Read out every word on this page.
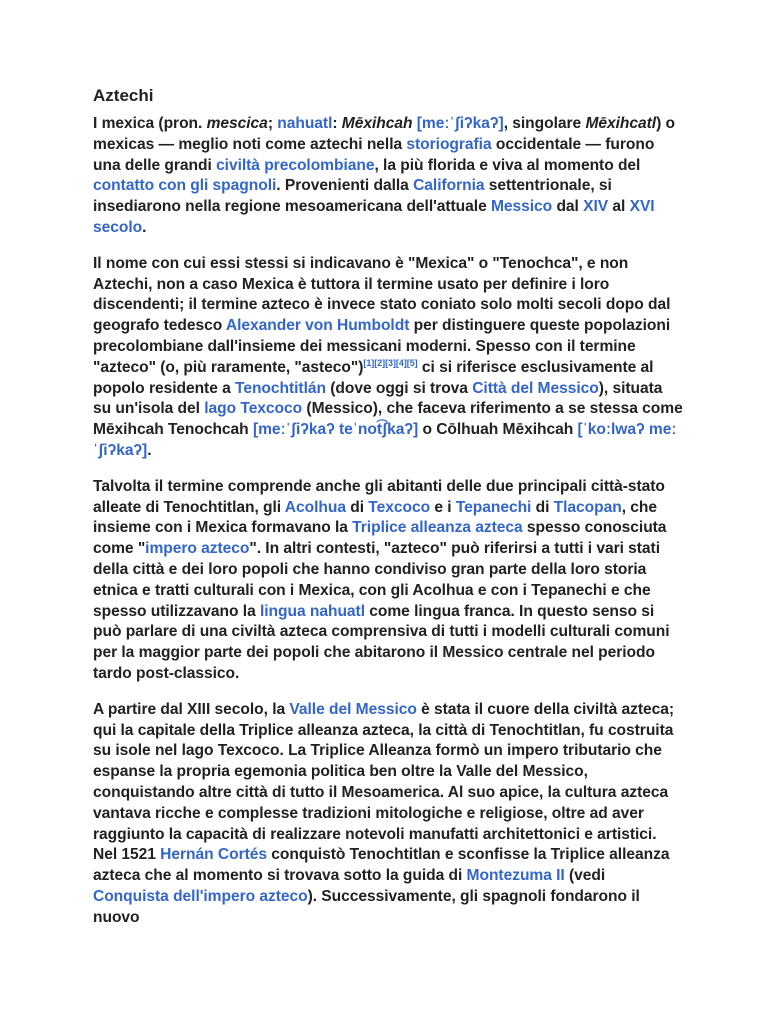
Aztechi

I mexica (pron. mescica; nahuatl: Mēxihcah [meːˈʃiʔkaʔ], singolare Mēxihcatl) o mexicas — meglio noti come aztechi nella storiografia occidentale — furono una delle grandi civiltà precolombiane, la più florida e viva al momento del contatto con gli spagnoli. Provenienti dalla California settentrionale, si insediarono nella regione mesoamericana dell'attuale Messico dal XIV al XVI secolo.

Il nome con cui essi stessi si indicavano è "Mexica" o "Tenochca", e non Aztechi, non a caso Mexica è tuttora il termine usato per definire i loro discendenti; il termine azteco è invece stato coniato solo molti secoli dopo dal geografo tedesco Alexander von Humboldt per distinguere queste popolazioni precolombiane dall'insieme dei messicani moderni. Spesso con il termine "azteco" (o, più raramente, "asteco")[1][2][3][4][5] ci si riferisce esclusivamente al popolo residente a Tenochtitlán (dove oggi si trova Città del Messico), situata su un'isola del lago Texcoco (Messico), che faceva riferimento a se stessa come Mēxihcah Tenochcah [meːˈʃiʔkaʔ teˈnot͡ʃkaʔ] o Cōlhuah Mēxihcah [ˈkoːlwaʔ meːˈʃiʔkaʔ].

Talvolta il termine comprende anche gli abitanti delle due principali città-stato alleate di Tenochtitlan, gli Acolhua di Texcoco e i Tepanechi di Tlacopan, che insieme con i Mexica formavano la Triplice alleanza azteca spesso conosciuta come "impero azteco". In altri contesti, "azteco" può riferirsi a tutti i vari stati della città e dei loro popoli che hanno condiviso gran parte della loro storia etnica e tratti culturali con i Mexica, con gli Acolhua e con i Tepanechi e che spesso utilizzavano la lingua nahuatl come lingua franca. In questo senso si può parlare di una civiltà azteca comprensiva di tutti i modelli culturali comuni per la maggior parte dei popoli che abitarono il Messico centrale nel periodo tardo post-classico.

A partire dal XIII secolo, la Valle del Messico è stata il cuore della civiltà azteca; qui la capitale della Triplice alleanza azteca, la città di Tenochtitlan, fu costruita su isole nel lago Texcoco. La Triplice Alleanza formò un impero tributario che espanse la propria egemonia politica ben oltre la Valle del Messico, conquistando altre città di tutto il Mesoamerica. Al suo apice, la cultura azteca vantava ricche e complesse tradizioni mitologiche e religiose, oltre ad aver raggiunto la capacità di realizzare notevoli manufatti architettonici e artistici. Nel 1521 Hernán Cortés conquistò Tenochtitlan e sconfisse la Triplice alleanza azteca che al momento si trovava sotto la guida di Montezuma II (vedi Conquista dell'impero azteco). Successivamente, gli spagnoli fondarono il nuovo
